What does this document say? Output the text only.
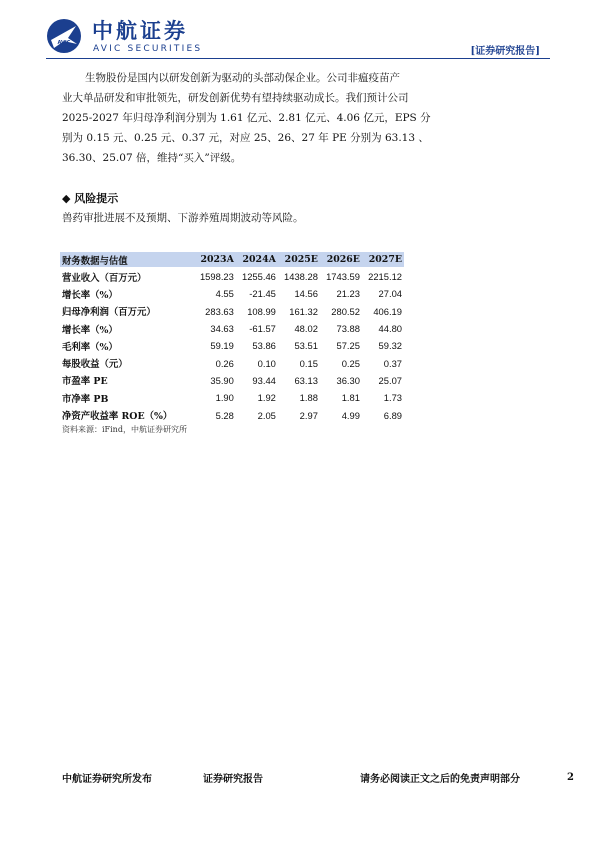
AVIC 中航证券
AVIC SECURITIES	[证券研究报告]

生物股份是国内以研发创新为驱动的头部动保企业。公司非瘟疫苗产
业大单品研发和审批领先，研发创新优势有望持续驱动成长。我们预计公司
2025-2027 年归母净利润分别为 1.61 亿元、2.81 亿元、4.06 亿元，EPS 分
别为 0.15 元、0.25 元、0.37 元，对应 25、26、27 年 PE 分别为 63.13 、
36.30、25.07 倍，维持“买入”评级。

◆ 风险提示
兽药审批进展不及预期、下游养殖周期波动等风险。
财务数据与估值	2023A	2024A	2025E	2026E	2027E
营业收入（百万元）	1598.23	1255.46	1438.28	1743.59	2215.12
增长率（%）	4.55	-21.45	14.56	21.23	27.04
归母净利润（百万元）	283.63	108.99	161.32	280.52	406.19
增长率（%）	34.63	-61.57	48.02	73.88	44.80
毛利率（%）	59.19	53.86	53.51	57.25	59.32
每股收益（元）	0.26	0.10	0.15	0.25	0.37
市盈率 PE	35.90	93.44	63.13	36.30	25.07
市净率 PB	1.90	1.92	1.88	1.81	1.73
净资产收益率 ROE（%）	5.28	2.05	2.97	4.99	6.89
资料来源：iFind，中航证券研究所
中航证券研究所发布	证券研究报告	请务必阅读正文之后的免责声明部分	2
